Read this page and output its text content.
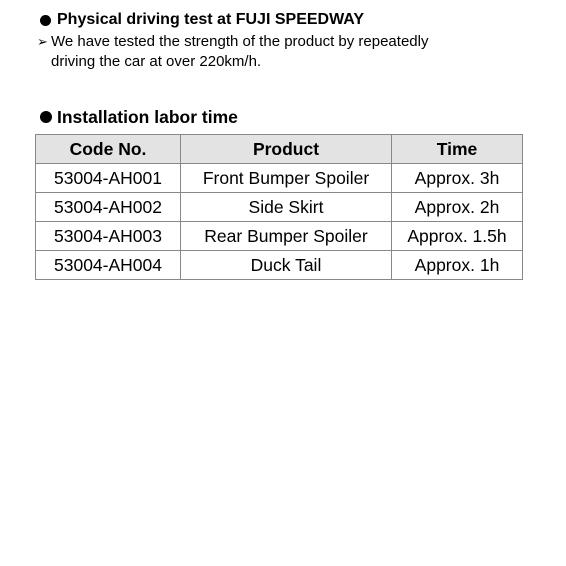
Physical driving test at FUJI SPEEDWAY
➢ We have tested the strength of the product by repeatedly
driving the car at over 220km/h.
Installation labor time
Code No.	Product	Time
53004-AH001	Front Bumper Spoiler	Approx. 3h
53004-AH002	Side Skirt	Approx. 2h
53004-AH003	Rear Bumper Spoiler	Approx. 1.5h
53004-AH004	Duck Tail	Approx. 1h
